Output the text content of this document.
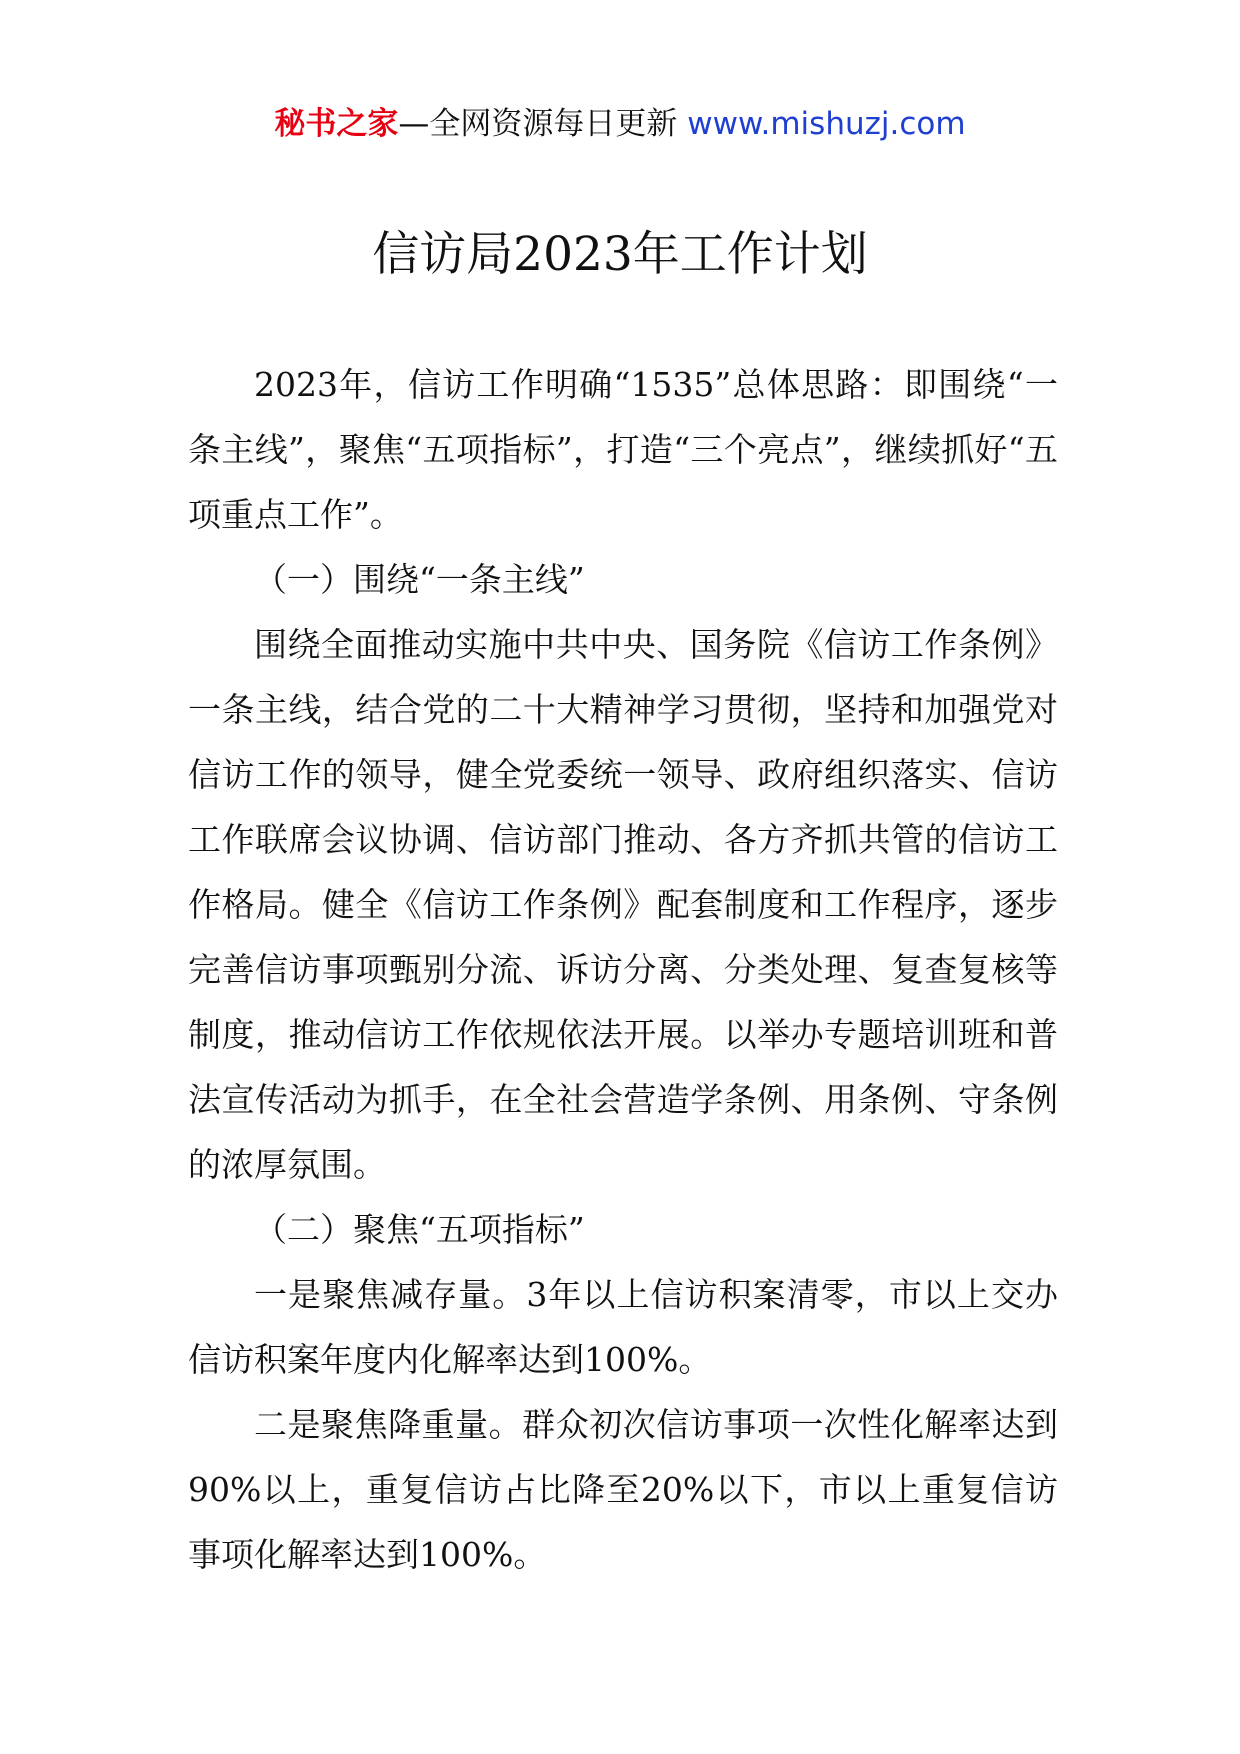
秘书之家—全网资源每日更新 www.mishuzj.com
信访局2023年工作计划

2023年，信访工作明确“1535”总体思路：即围绕“一条主线”，聚焦“五项指标”，打造“三个亮点”，继续抓好“五项重点工作”。

（一）围绕“一条主线”

围绕全面推动实施中共中央、国务院《信访工作条例》一条主线，结合党的二十大精神学习贯彻，坚持和加强党对信访工作的领导，健全党委统一领导、政府组织落实、信访工作联席会议协调、信访部门推动、各方齐抓共管的信访工作格局。健全《信访工作条例》配套制度和工作程序，逐步完善信访事项甄别分流、诉访分离、分类处理、复查复核等制度，推动信访工作依规依法开展。以举办专题培训班和普法宣传活动为抓手，在全社会营造学条例、用条例、守条例的浓厚氛围。

（二）聚焦“五项指标”

一是聚焦减存量。3年以上信访积案清零，市以上交办信访积案年度内化解率达到100%。

二是聚焦降重量。群众初次信访事项一次性化解率达到90%以上，重复信访占比降至20%以下，市以上重复信访事项化解率达到100%。
